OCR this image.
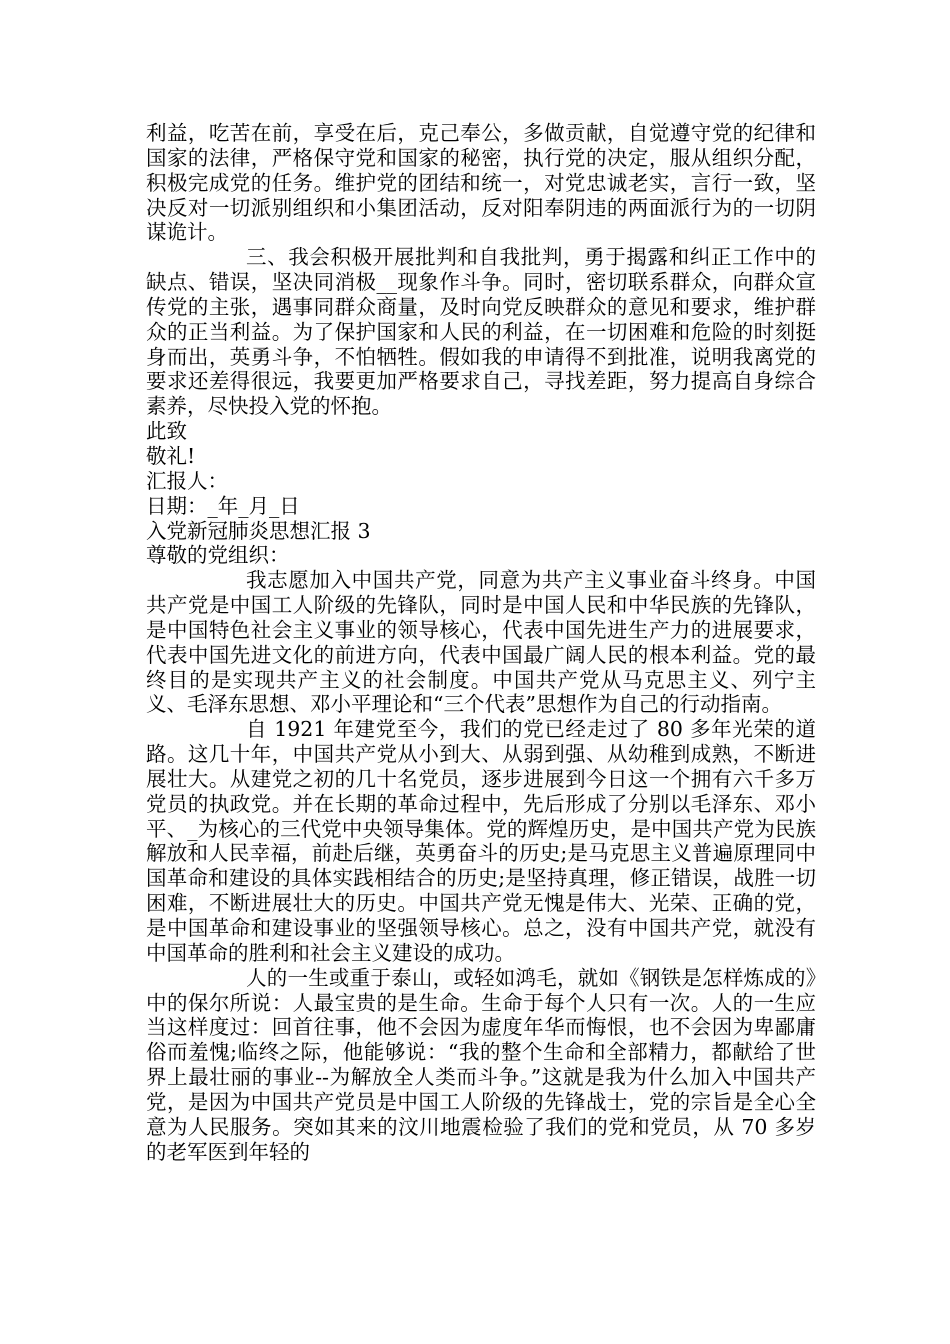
利益，吃苦在前，享受在后，克己奉公，多做贡献，自觉遵守党的纪律和国家的法律，严格保守党和国家的秘密，执行党的决定，服从组织分配，积极完成党的任务。维护党的团结和统一，对党忠诚老实，言行一致，坚决反对一切派别组织和小集团活动，反对阳奉阴违的两面派行为的一切阴谋诡计。

三、我会积极开展批判和自我批判，勇于揭露和纠正工作中的缺点、错误，坚决同消极__现象作斗争。同时，密切联系群众，向群众宣传党的主张，遇事同群众商量，及时向党反映群众的意见和要求，维护群众的正当利益。为了保护国家和人民的利益，在一切困难和危险的时刻挺身而出，英勇斗争，不怕牺牲。假如我的申请得不到批准，说明我离党的要求还差得很远，我要更加严格要求自己，寻找差距，努力提高自身综合素养，尽快投入党的怀抱。

此致

敬礼!

汇报人：

日期：_年_月_日

入党新冠肺炎思想汇报 3

尊敬的党组织：

我志愿加入中国共产党，同意为共产主义事业奋斗终身。中国共产党是中国工人阶级的先锋队，同时是中国人民和中华民族的先锋队，是中国特色社会主义事业的领导核心，代表中国先进生产力的进展要求，代表中国先进文化的前进方向，代表中国最广阔人民的根本利益。党的最终目的是实现共产主义的社会制度。中国共产党从马克思主义、列宁主义、毛泽东思想、邓小平理论和“三个代表”思想作为自己的行动指南。

自 1921 年建党至今，我们的党已经走过了 80 多年光荣的道路。这几十年，中国共产党从小到大、从弱到强、从幼稚到成熟，不断进展壮大。从建党之初的几十名党员，逐步进展到今日这一个拥有六千多万党员的执政党。并在长期的革命过程中，先后形成了分别以毛泽东、邓小平、_为核心的三代党中央领导集体。党的辉煌历史，是中国共产党为民族解放和人民幸福，前赴后继，英勇奋斗的历史;是马克思主义普遍原理同中国革命和建设的具体实践相结合的历史;是坚持真理，修正错误，战胜一切困难，不断进展壮大的历史。中国共产党无愧是伟大、光荣、正确的党，是中国革命和建设事业的坚强领导核心。总之，没有中国共产党，就没有中国革命的胜利和社会主义建设的成功。

人的一生或重于泰山，或轻如鸿毛，就如《钢铁是怎样炼成的》中的保尔所说：人最宝贵的是生命。生命于每个人只有一次。人的一生应当这样度过：回首往事，他不会因为虚度年华而悔恨，也不会因为卑鄙庸俗而羞愧;临终之际，他能够说：“我的整个生命和全部精力，都献给了世界上最壮丽的事业--为解放全人类而斗争。”这就是我为什么加入中国共产党，是因为中国共产党员是中国工人阶级的先锋战士，党的宗旨是全心全意为人民服务。突如其来的汶川地震检验了我们的党和党员，从 70 多岁的老军医到年轻的
